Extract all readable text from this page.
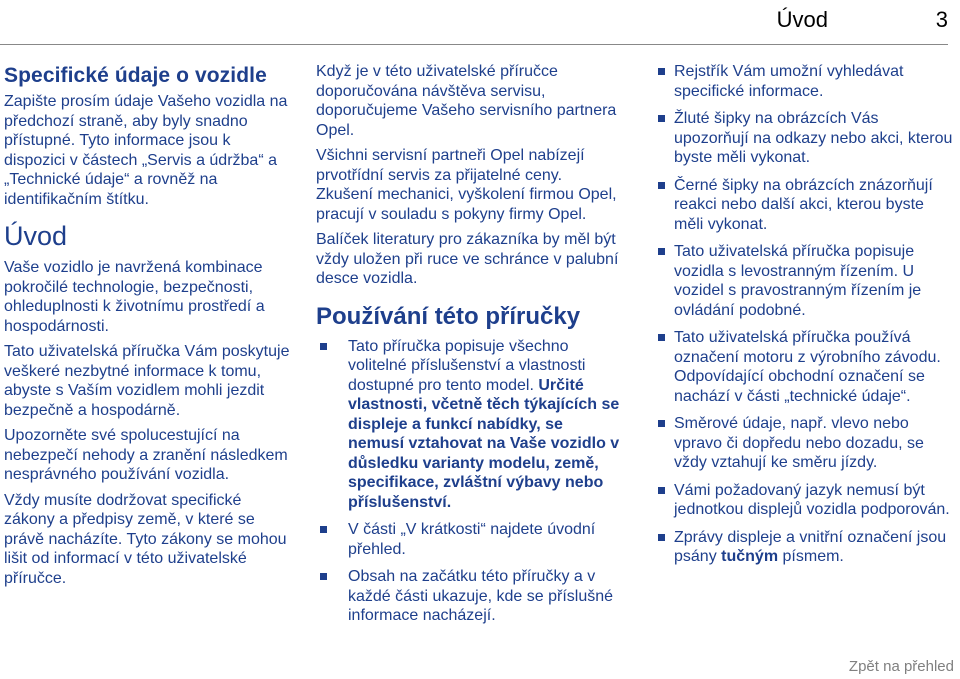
Úvod	3
Specifické údaje o vozidle

Zapište prosím údaje Vašeho vozidla na předchozí straně, aby byly snadno přístupné. Tyto informace jsou k dispozici v částech „Servis a údržba“ a „Technické údaje“ a rovněž na identifikačním štítku.

Úvod

Vaše vozidlo je navržená kombinace pokročilé technologie, bezpečnosti, ohleduplnosti k životnímu prostředí a hospodárnosti.

Tato uživatelská příručka Vám poskytuje veškeré nezbytné informace k tomu, abyste s Vaším vozidlem mohli jezdit bezpečně a hospodárně.

Upozorněte své spolucestující na nebezpečí nehody a zranění následkem nesprávného používání vozidla.

Vždy musíte dodržovat specifické zákony a předpisy země, v které se právě nacházíte. Tyto zákony se mohou lišit od informací v této uživatelské příručce.

Když je v této uživatelské příručce doporučována návštěva servisu, doporučujeme Vašeho servisního partnera Opel.

Všichni servisní partneři Opel nabízejí prvotřídní servis za přijatelné ceny. Zkušení mechanici, vyškolení firmou Opel, pracují v souladu s pokyny firmy Opel.

Balíček literatury pro zákazníka by měl být vždy uložen při ruce ve schránce v palubní desce vozidla.

Používání této příručky
Tato příručka popisuje všechno volitelné příslušenství a vlastnosti dostupné pro tento model. Určité vlastnosti, včetně těch týkajících se displeje a funkcí nabídky, se nemusí vztahovat na Vaše vozidlo v důsledku varianty modelu, země, specifikace, zvláštní výbavy nebo příslušenství.
V části „V krátkosti“ najdete úvodní přehled.
Obsah na začátku této příručky a v každé části ukazuje, kde se příslušné informace nacházejí.
Rejstřík Vám umožní vyhledávat specifické informace.
Žluté šipky na obrázcích Vás upozorňují na odkazy nebo akci, kterou byste měli vykonat.
Černé šipky na obrázcích znázorňují reakci nebo další akci, kterou byste měli vykonat.
Tato uživatelská příručka popisuje vozidla s levostranným řízením. U vozidel s pravostranným řízením je ovládání podobné.
Tato uživatelská příručka používá označení motoru z výrobního závodu. Odpovídající obchodní označení se nachází v části „technické údaje“.
Směrové údaje, např. vlevo nebo vpravo či dopředu nebo dozadu, se vždy vztahují ke směru jízdy.
Vámi požadovaný jazyk nemusí být jednotkou displejů vozidla podporován.
Zprávy displeje a vnitřní označení jsou psány tučným písmem.
Zpět na přehled
